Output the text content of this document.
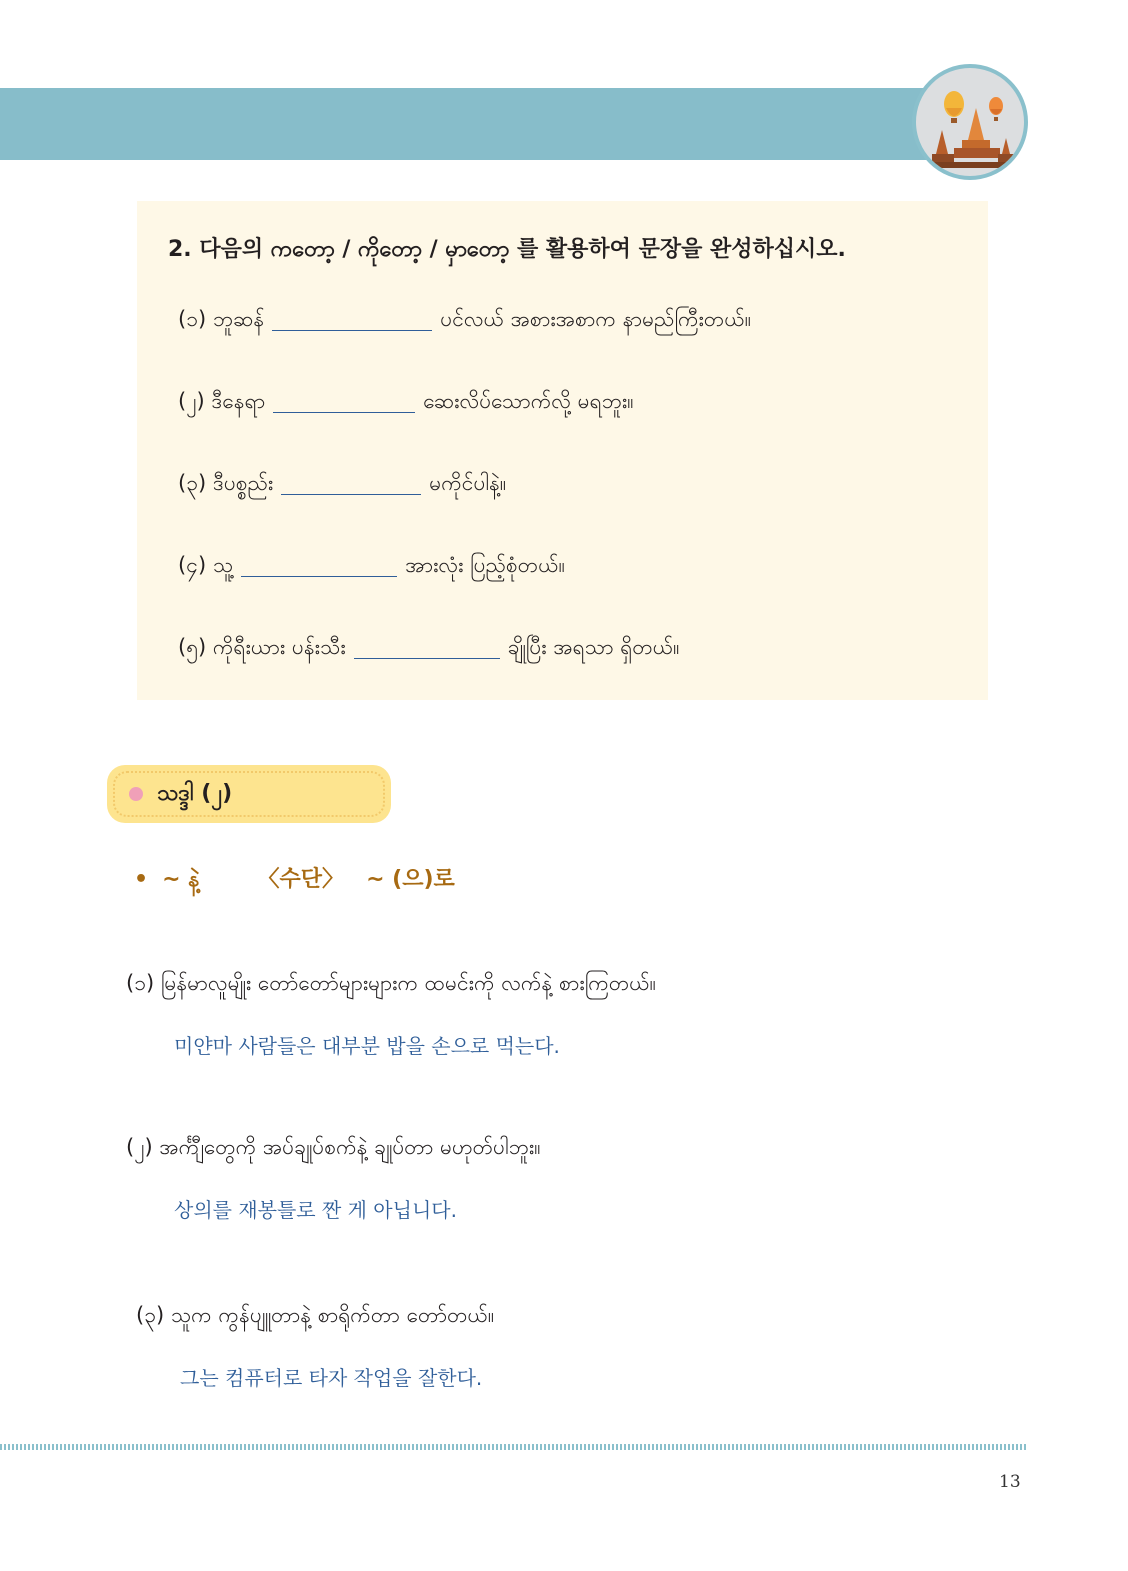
2. 다음의 ကတော့ / ကိုတော့ / မှာတော့ 를 활용하여 문장을 완성하십시오.
(၁) ဘူဆန်	ပင်လယ် အစားအစာက နာမည်ကြီးတယ်။
(၂) ဒီနေရာ	ဆေးလိပ်သောက်လို့ မရဘူး။
(၃) ဒီပစ္စည်း	မကိုင်ပါနဲ့။
(၄) သူ့	အားလုံး ပြည့်စုံတယ်။
(၅) ကိုရီးယား ပန်းသီး	ချိုပြီး အရသာ ရှိတယ်။
သဒ္ဒါ (၂)
• ~ နဲ့	〈수단〉 ~ (으)로
(၁) မြန်မာလူမျိုး တော်တော်များများက ထမင်းကို လက်နဲ့ စားကြတယ်။
미얀마 사람들은 대부분 밥을 손으로 먹는다.
(၂) အင်္ကျီတွေကို အပ်ချုပ်စက်နဲ့ ချုပ်တာ မဟုတ်ပါဘူး။
상의를 재봉틀로 짠 게 아닙니다.
(၃) သူက ကွန်ပျူတာနဲ့ စာရိုက်တာ တော်တယ်။
그는 컴퓨터로 타자 작업을 잘한다.
13
